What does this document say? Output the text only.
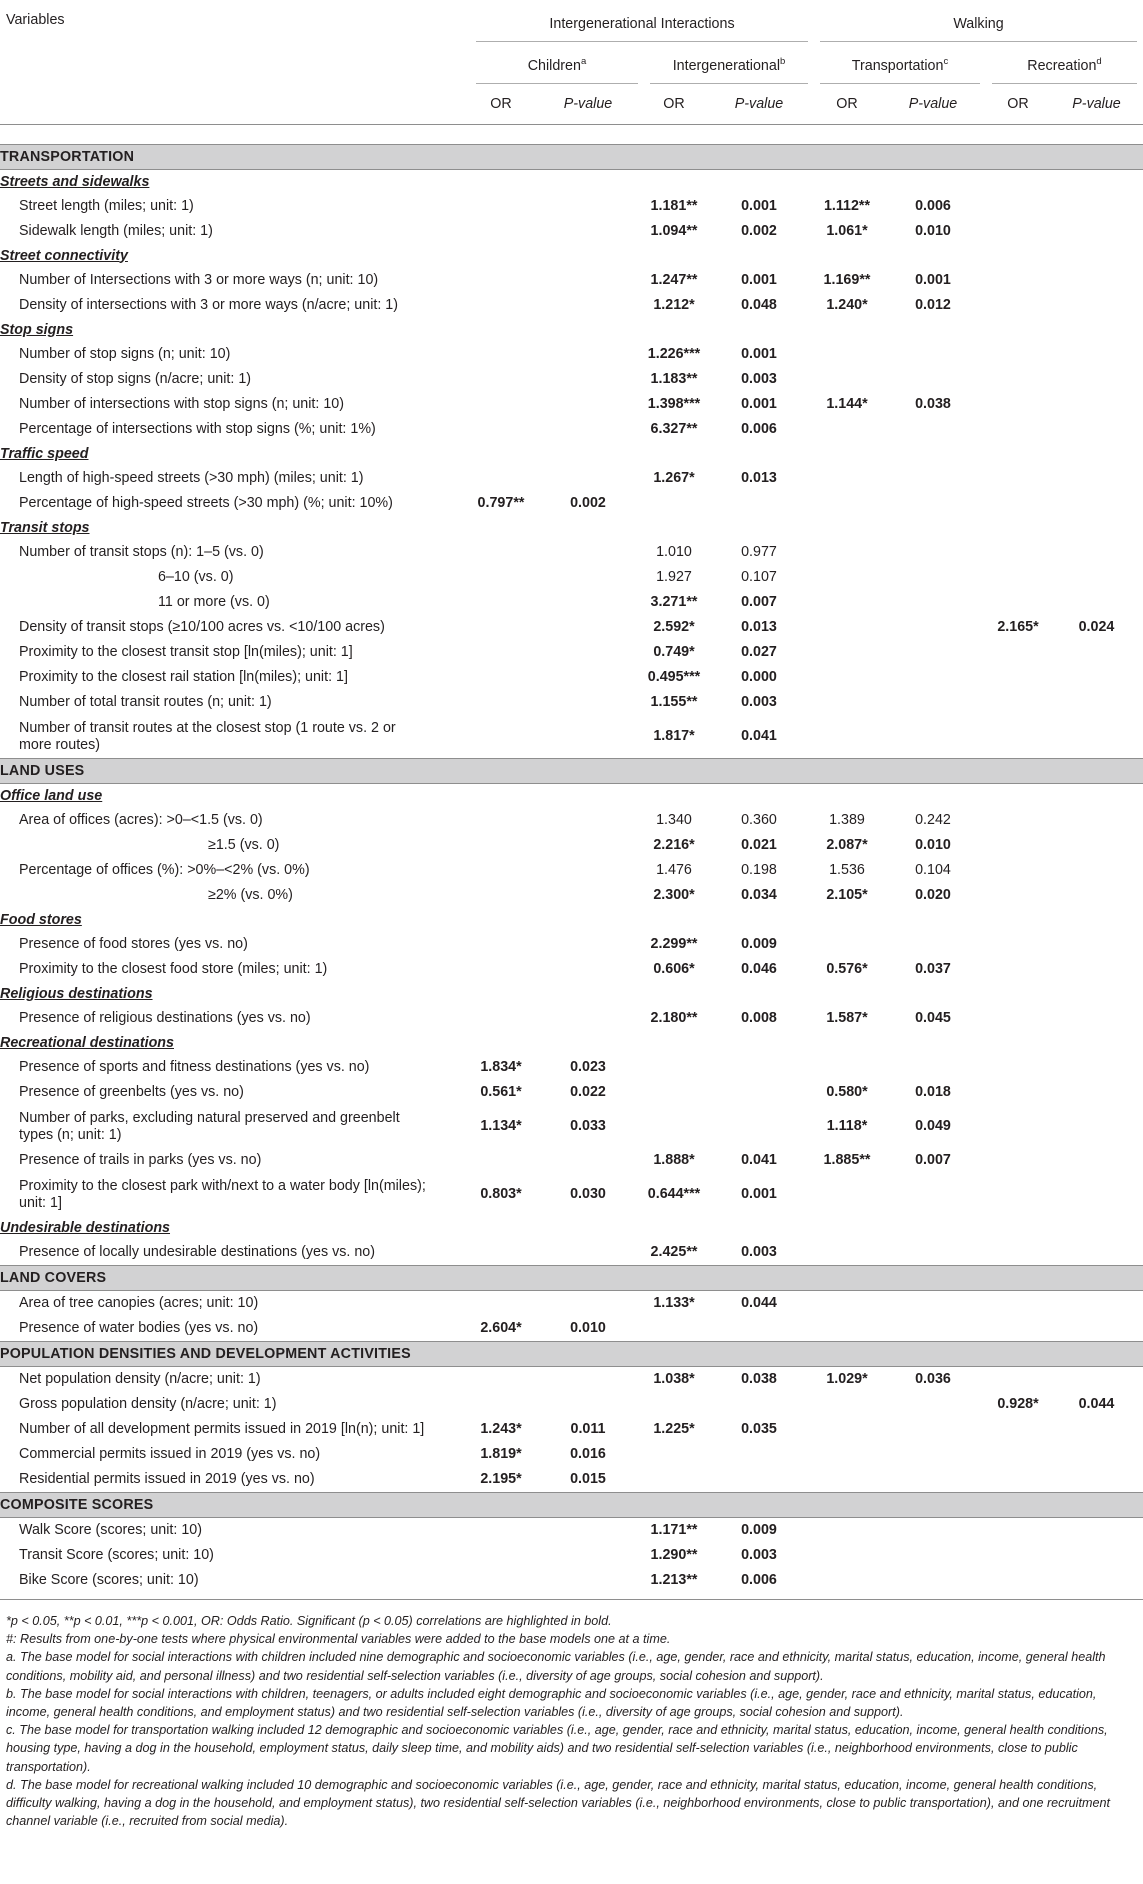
Variables	Intergenerational Interactions				Walking			

	Children$^a$		Intergenerational$^b$		Transportation$^c$		Recreation$^d$

	OR	P-value	OR	P-value	OR	P-value	OR	P-value

TRANSPORTATION								
Streets and sidewalks								
Street length (miles; unit: 1)			1.181**	0.001	1.112**	0.006		
Sidewalk length (miles; unit: 1)			1.094**	0.002	1.061*	0.010		
Street connectivity								
Number of Intersections with 3 or more ways (n; unit: 10)			1.247**	0.001	1.169**	0.001		
Density of intersections with 3 or more ways (n/acre; unit: 1)			1.212*	0.048	1.240*	0.012		
Stop signs								
Number of stop signs (n; unit: 10)			1.226***	0.001				
Density of stop signs (n/acre; unit: 1)			1.183**	0.003				
Number of intersections with stop signs (n; unit: 10)			1.398***	0.001	1.144*	0.038		
Percentage of intersections with stop signs (%; unit: 1%)			6.327**	0.006				
Traffic speed								
Length of high-speed streets (>30 mph) (miles; unit: 1)			1.267*	0.013				
Percentage of high-speed streets (>30 mph) (%; unit: 10%)	0.797**	0.002						
Transit stops								
Number of transit stops (n): 1–5 (vs. 0)			1.010	0.977				
6–10 (vs. 0)			1.927	0.107				
11 or more (vs. 0)			3.271**	0.007				
Density of transit stops (≥10/100 acres vs. <10/100 acres)			2.592*	0.013			2.165*	0.024
Proximity to the closest transit stop [ln(miles); unit: 1]			0.749*	0.027				
Proximity to the closest rail station [ln(miles); unit: 1]			0.495***	0.000				
Number of total transit routes (n; unit: 1)			1.155**	0.003				
Number of transit routes at the closest stop (1 route vs. 2 or more routes)			1.817*	0.041				
LAND USES								
Office land use								
Area of offices (acres): >0–<1.5 (vs. 0)			1.340	0.360	1.389	0.242		
≥1.5 (vs. 0)			2.216*	0.021	2.087*	0.010		
Percentage of offices (%): >0%–<2% (vs. 0%)			1.476	0.198	1.536	0.104		
≥2% (vs. 0%)			2.300*	0.034	2.105*	0.020		
Food stores								
Presence of food stores (yes vs. no)			2.299**	0.009				
Proximity to the closest food store (miles; unit: 1)			0.606*	0.046	0.576*	0.037		
Religious destinations								
Presence of religious destinations (yes vs. no)			2.180**	0.008	1.587*	0.045		
Recreational destinations								
Presence of sports and fitness destinations (yes vs. no)	1.834*	0.023						
Presence of greenbelts (yes vs. no)	0.561*	0.022			0.580*	0.018		
Number of parks, excluding natural preserved and greenbelt types (n; unit: 1)	1.134*	0.033			1.118*	0.049		
Presence of trails in parks (yes vs. no)			1.888*	0.041	1.885**	0.007		
Proximity to the closest park with/next to a water body [ln(miles); unit: 1]	0.803*	0.030	0.644***	0.001				
Undesirable destinations								
Presence of locally undesirable destinations (yes vs. no)			2.425**	0.003				
LAND COVERS								
Area of tree canopies (acres; unit: 10)			1.133*	0.044				
Presence of water bodies (yes vs. no)	2.604*	0.010						
POPULATION DENSITIES AND DEVELOPMENT ACTIVITIES								
Net population density (n/acre; unit: 1)			1.038*	0.038	1.029*	0.036		
Gross population density (n/acre; unit: 1)							0.928*	0.044
Number of all development permits issued in 2019 [ln(n); unit: 1]	1.243*	0.011	1.225*	0.035				
Commercial permits issued in 2019 (yes vs. no)	1.819*	0.016						
Residential permits issued in 2019 (yes vs. no)	2.195*	0.015						
COMPOSITE SCORES								
Walk Score (scores; unit: 10)			1.171**	0.009				
Transit Score (scores; unit: 10)			1.290**	0.003				
Bike Score (scores; unit: 10)			1.213**	0.006				

*p < 0.05, **p < 0.01, ***p < 0.001, OR: Odds Ratio. Significant (p < 0.05) correlations are highlighted in bold.

#: Results from one-by-one tests where physical environmental variables were added to the base models one at a time.

a. The base model for social interactions with children included nine demographic and socioeconomic variables (i.e., age, gender, race and ethnicity, marital status, education, income, general health conditions, mobility aid, and personal illness) and two residential self-selection variables (i.e., diversity of age groups, social cohesion and support).

b. The base model for social interactions with children, teenagers, or adults included eight demographic and socioeconomic variables (i.e., age, gender, race and ethnicity, marital status, education, income, general health conditions, and employment status) and two residential self-selection variables (i.e., diversity of age groups, social cohesion and support).

c. The base model for transportation walking included 12 demographic and socioeconomic variables (i.e., age, gender, race and ethnicity, marital status, education, income, general health conditions, housing type, having a dog in the household, employment status, daily sleep time, and mobility aids) and two residential self-selection variables (i.e., neighborhood environments, close to public transportation).

d. The base model for recreational walking included 10 demographic and socioeconomic variables (i.e., age, gender, race and ethnicity, marital status, education, income, general health conditions, difficulty walking, having a dog in the household, and employment status), two residential self-selection variables (i.e., neighborhood environments, close to public transportation), and one recruitment channel variable (i.e., recruited from social media).
